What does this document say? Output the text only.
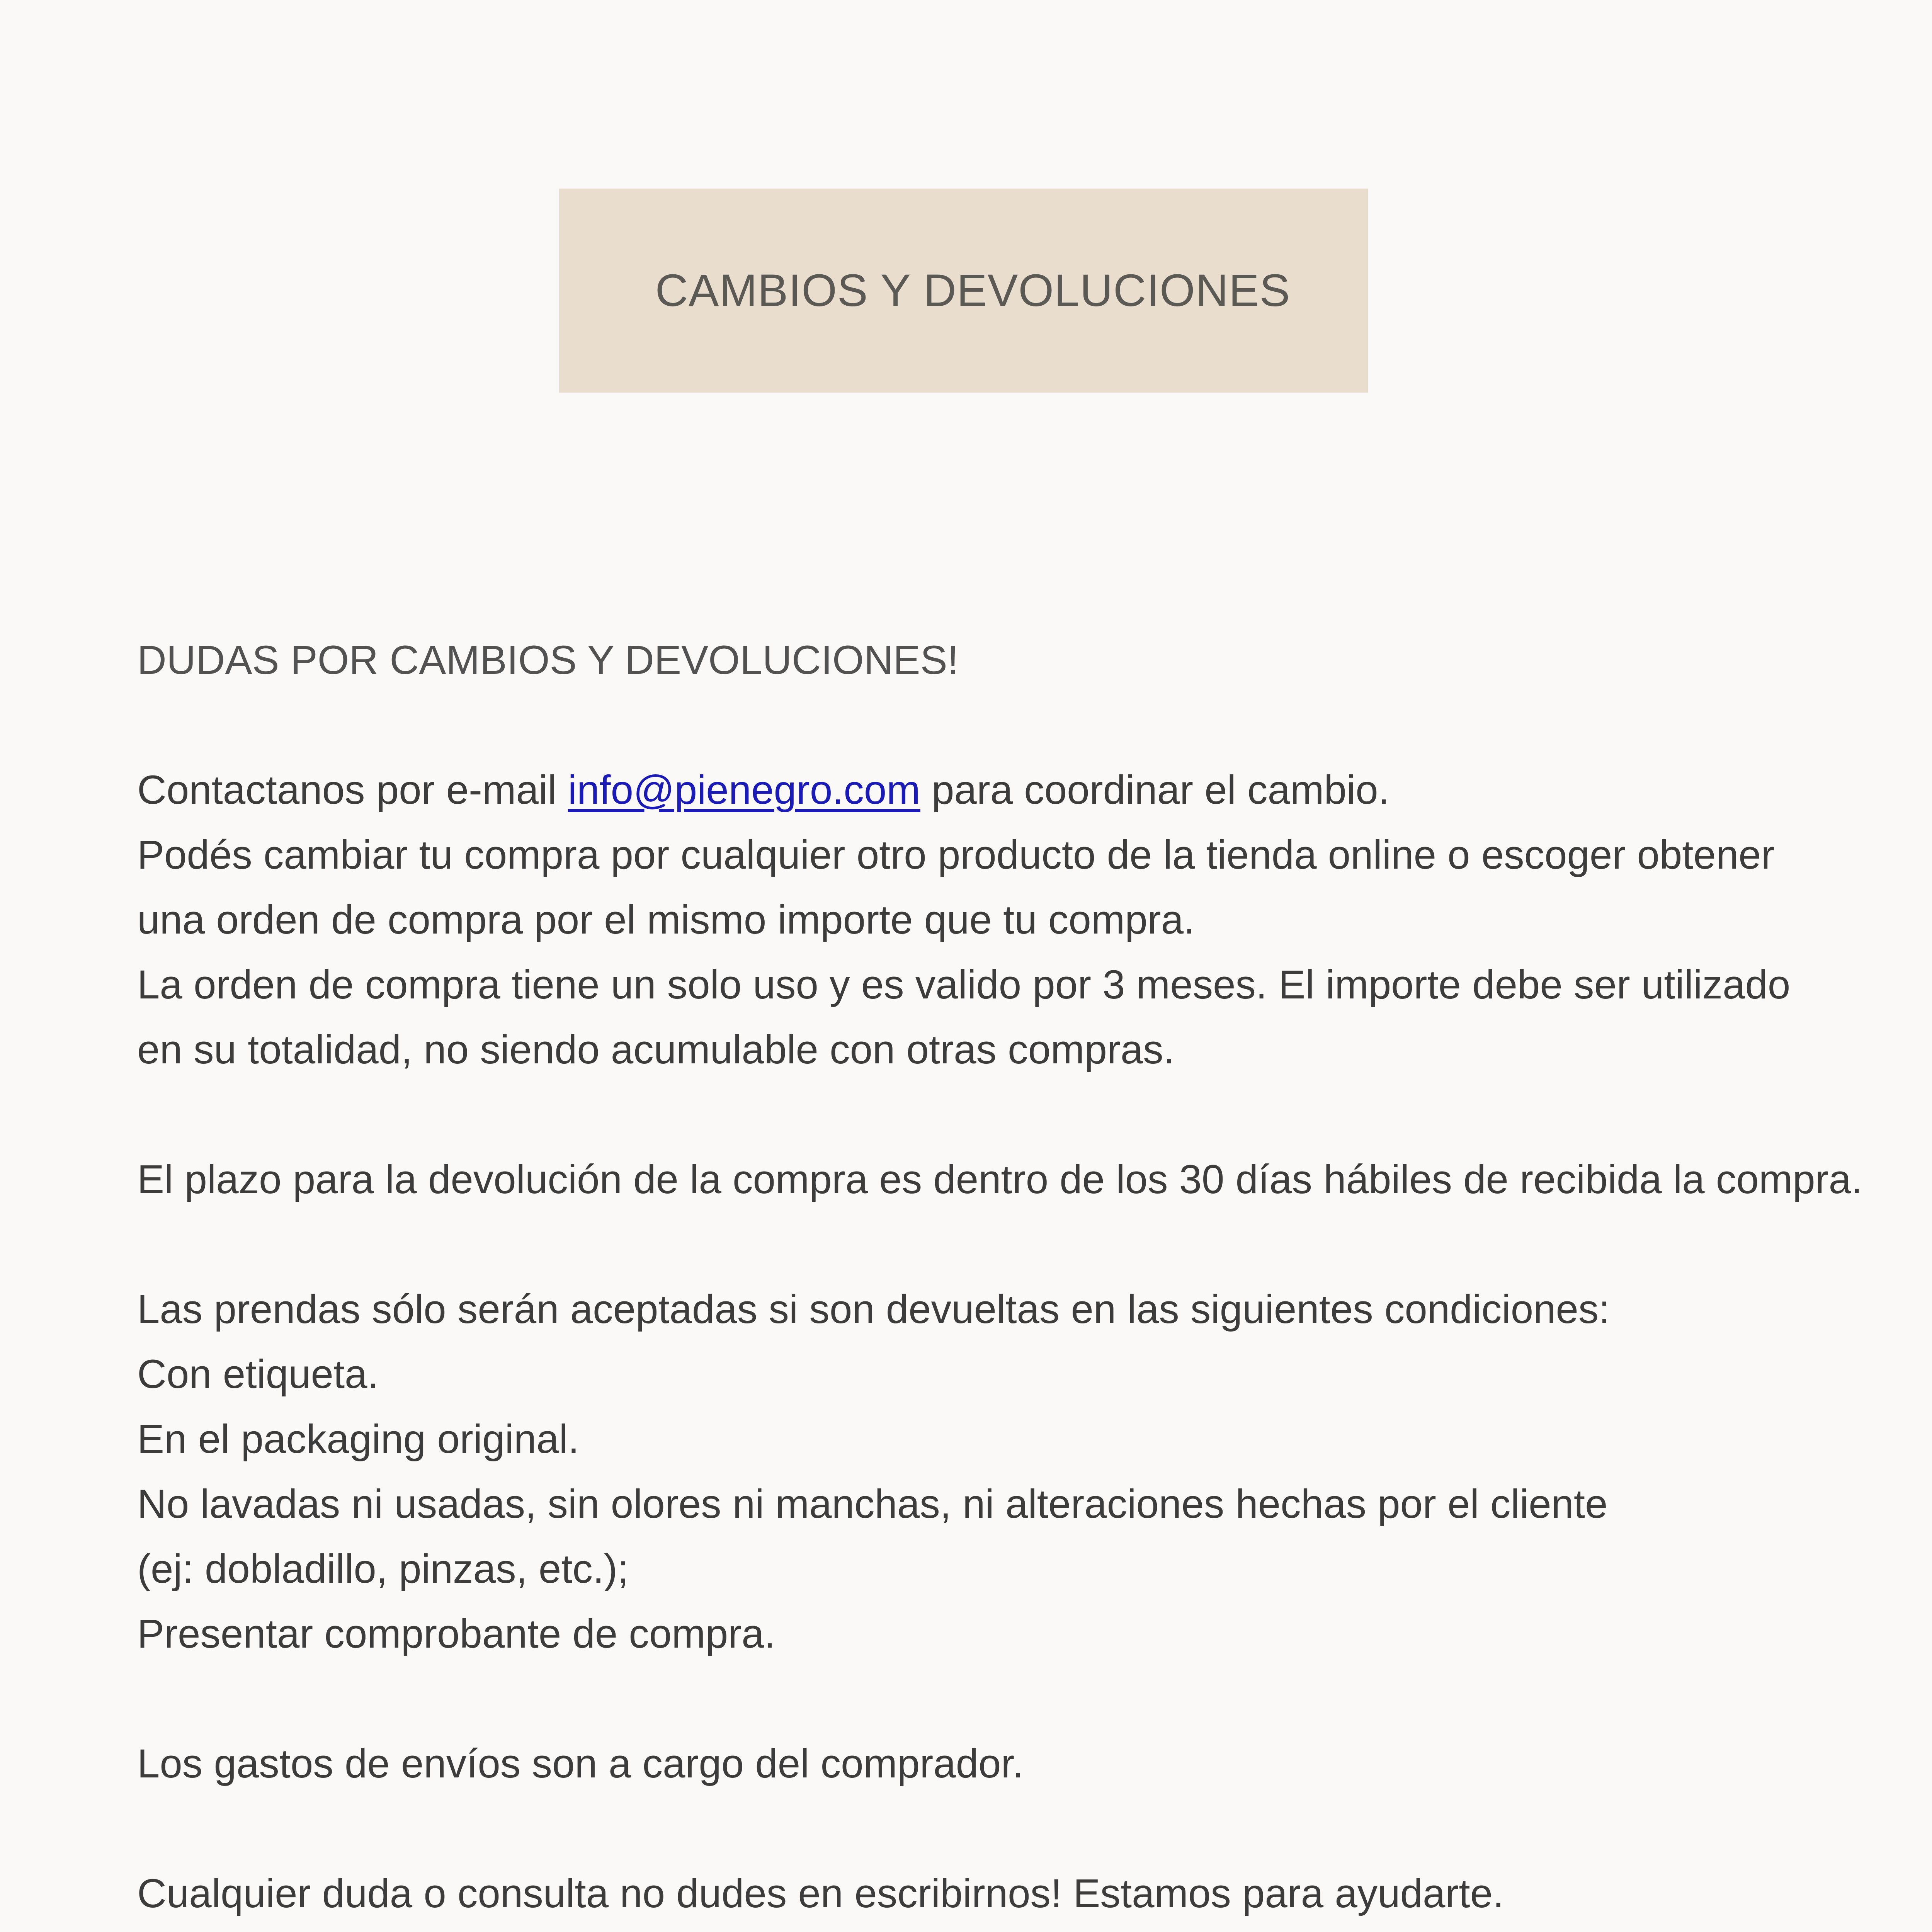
CAMBIOS Y DEVOLUCIONES

DUDAS POR CAMBIOS Y DEVOLUCIONES!

Contactanos por e-mail info@pienegro.com para coordinar el cambio.

Podés cambiar tu compra por cualquier otro producto de la tienda online o escoger obtener

una orden de compra por el mismo importe que tu compra.

La orden de compra tiene un solo uso y es valido por 3 meses. El importe debe ser utilizado

en su totalidad, no siendo acumulable con otras compras.

El plazo para la devolución de la compra es dentro de los 30 días hábiles de recibida la compra.

Las prendas sólo serán aceptadas si son devueltas en las siguientes condiciones:

Con etiqueta.

En el packaging original.

No lavadas ni usadas, sin olores ni manchas, ni alteraciones hechas por el cliente

(ej: dobladillo, pinzas, etc.);

Presentar comprobante de compra.

Los gastos de envíos son a cargo del comprador.

Cualquier duda o consulta no dudes en escribirnos! Estamos para ayudarte.
